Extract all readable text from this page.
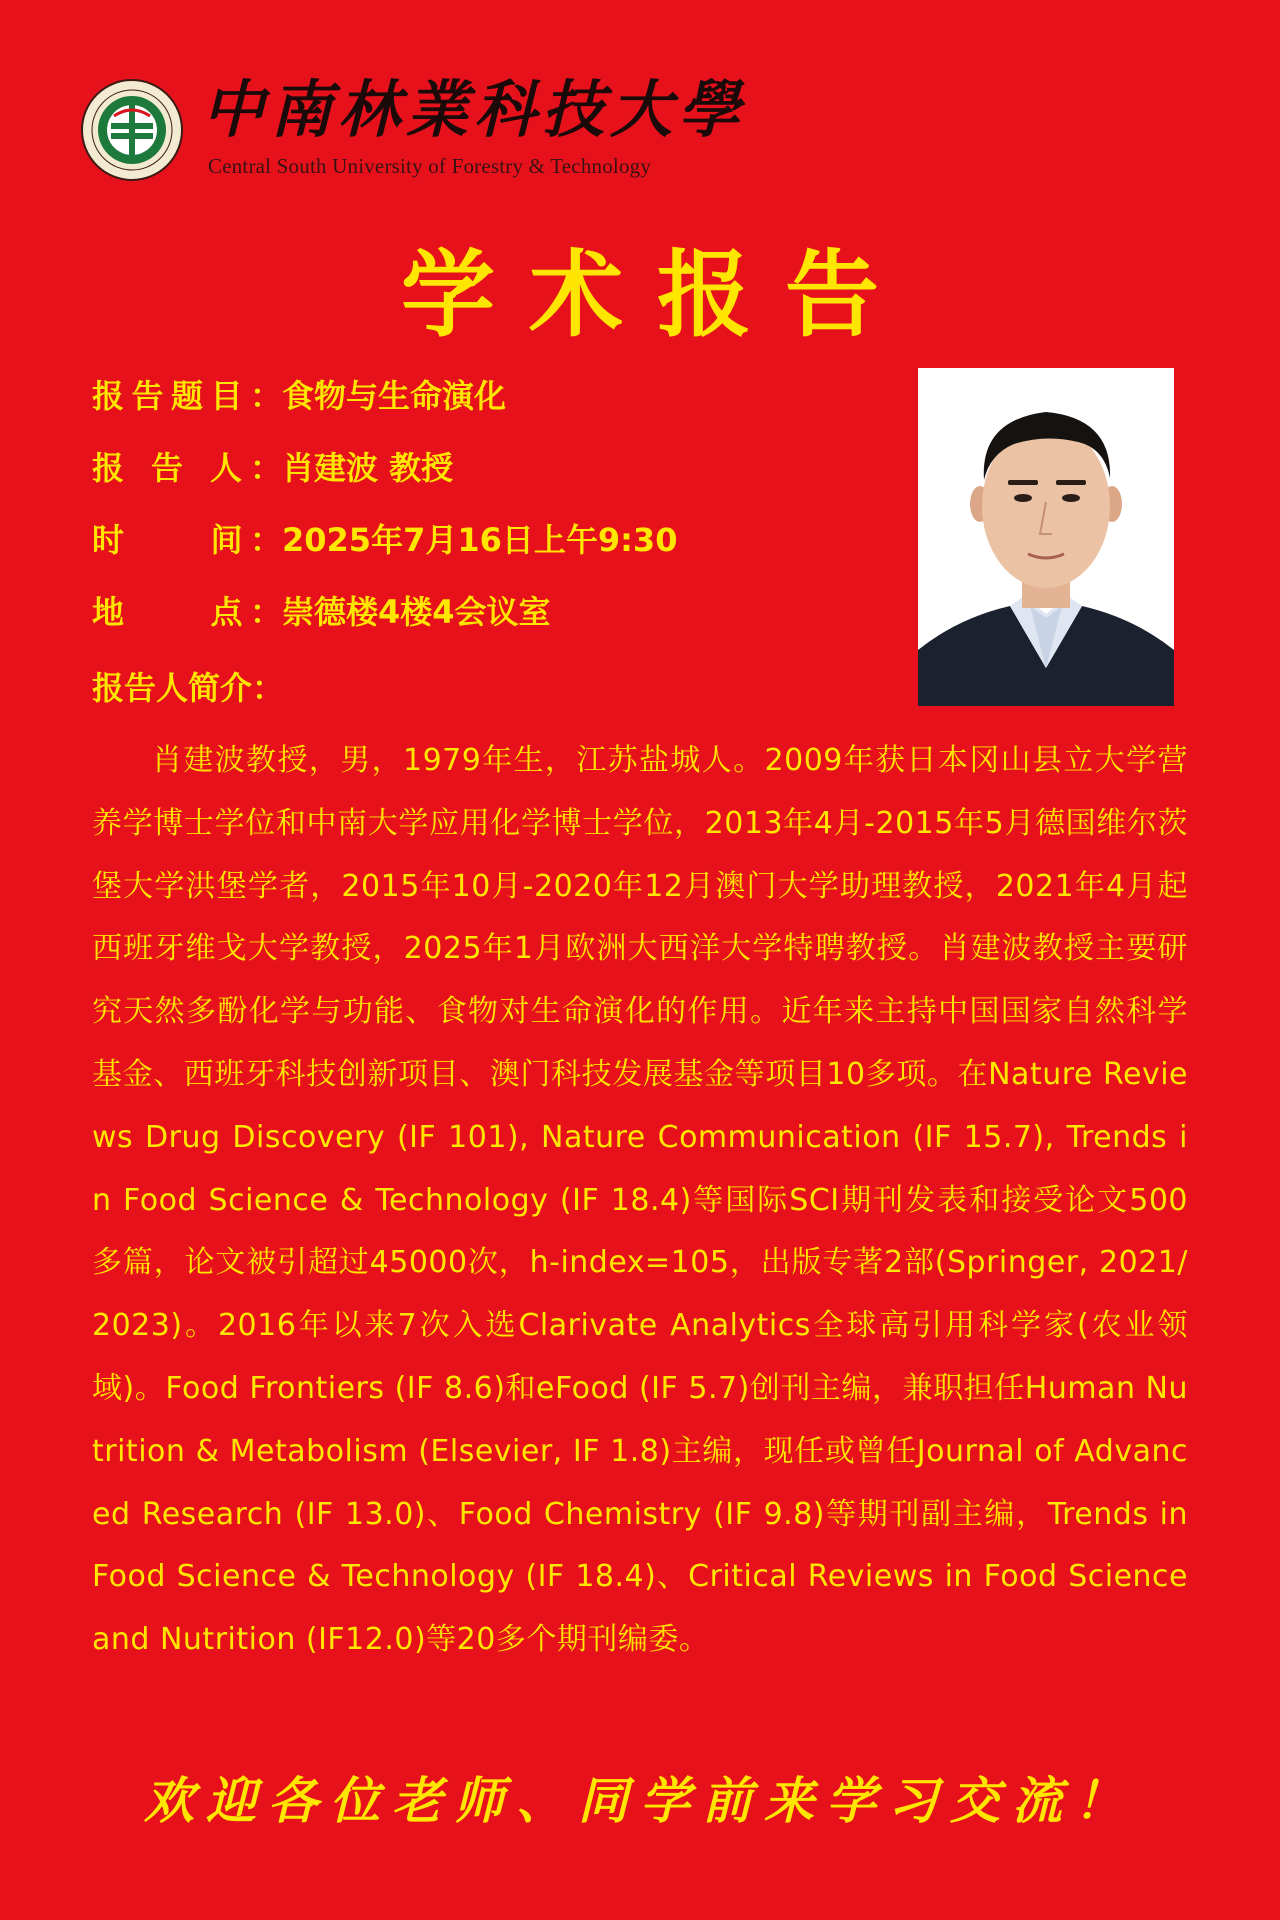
中南林業科技大學
Central South University of Forestry & Technology
学术报告
报告题目：食物与生命演化
报 告 人：肖建波 教授
时　　间：2025年7月16日上午9:30
地　　点：崇德楼4楼4会议室
报告人简介：
肖建波教授，男，1979年生，江苏盐城人。2009年获日本冈山县立大学营养学博士学位和中南大学应用化学博士学位，2013年4月-2015年5月德国维尔茨堡大学洪堡学者，2015年10月-2020年12月澳门大学助理教授，2021年4月起西班牙维戈大学教授，2025年1月欧洲大西洋大学特聘教授。肖建波教授主要研究天然多酚化学与功能、食物对生命演化的作用。近年来主持中国国家自然科学基金、西班牙科技创新项目、澳门科技发展基金等项目10多项。在Nature Reviews Drug Discovery (IF 101), Nature Communication (IF 15.7), Trends in Food Science & Technology (IF 18.4)等国际SCI期刊发表和接受论文500多篇，论文被引超过45000次，h-index=105，出版专著2部(Springer, 2021/2023)。2016年以来7次入选Clarivate Analytics全球高引用科学家(农业领域)。Food Frontiers (IF 8.6)和eFood (IF 5.7)创刊主编，兼职担任Human Nutrition & Metabolism (Elsevier, IF 1.8)主编，现任或曾任Journal of Advanced Research (IF 13.0)、Food Chemistry (IF 9.8)等期刊副主编，Trends in Food Science & Technology (IF 18.4)、Critical Reviews in Food Science and Nutrition (IF12.0)等20多个期刊编委。
欢迎各位老师、同学前来学习交流！
